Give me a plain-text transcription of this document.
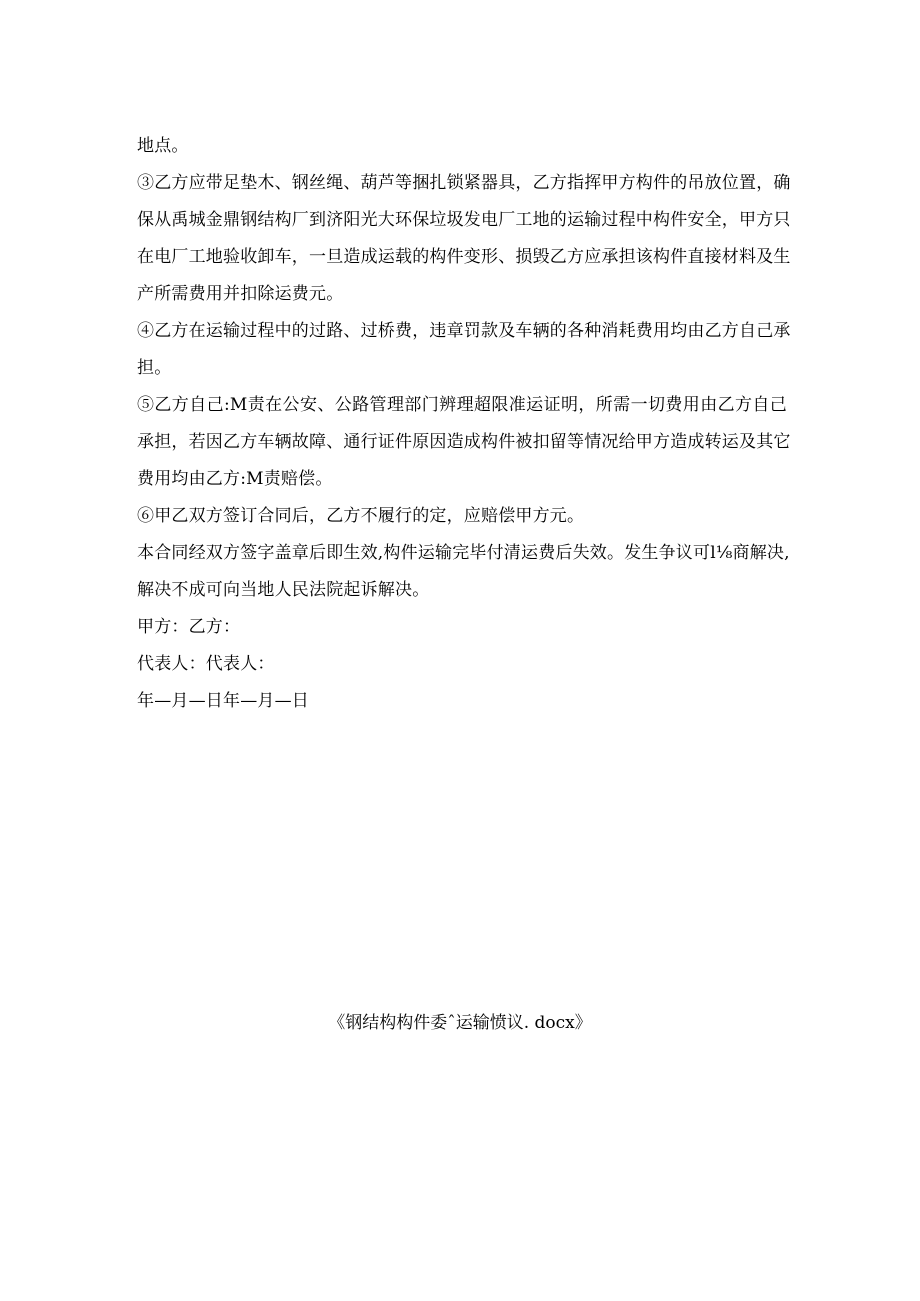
地点。
③乙方应带足垫木、钢丝绳、葫芦等捆扎锁紧器具，乙方指挥甲方构件的吊放位置，确
保从禹城金鼎钢结构厂到济阳光大环保垃圾发电厂工地的运输过程中构件安全，甲方只
在电厂工地验收卸车，一旦造成运载的构件变形、损毁乙方应承担该构件直接材料及生
产所需费用并扣除运费元。
④乙方在运输过程中的过路、过桥费，违章罚款及车辆的各种消耗费用均由乙方自己承
担。
⑤乙方自己:M责在公安、公路管理部门辨理超限准运证明，所需一切费用由乙方自己
承担，若因乙方车辆故障、通行证件原因造成构件被扣留等情况给甲方造成转运及其它
费用均由乙方:M责赔偿。
⑥甲乙双方签订合同后，乙方不履行的定，应赔偿甲方元。
本合同经双方签字盖章后即生效,构件运输完毕付清运费后失效。发生争议可l⅛商解决,
解决不成可向当地人民法院起诉解决。
甲方：乙方：
代表人：代表人：
年—月—日年—月—日
《钢结构构件委ˆ运输愤议. docx》
